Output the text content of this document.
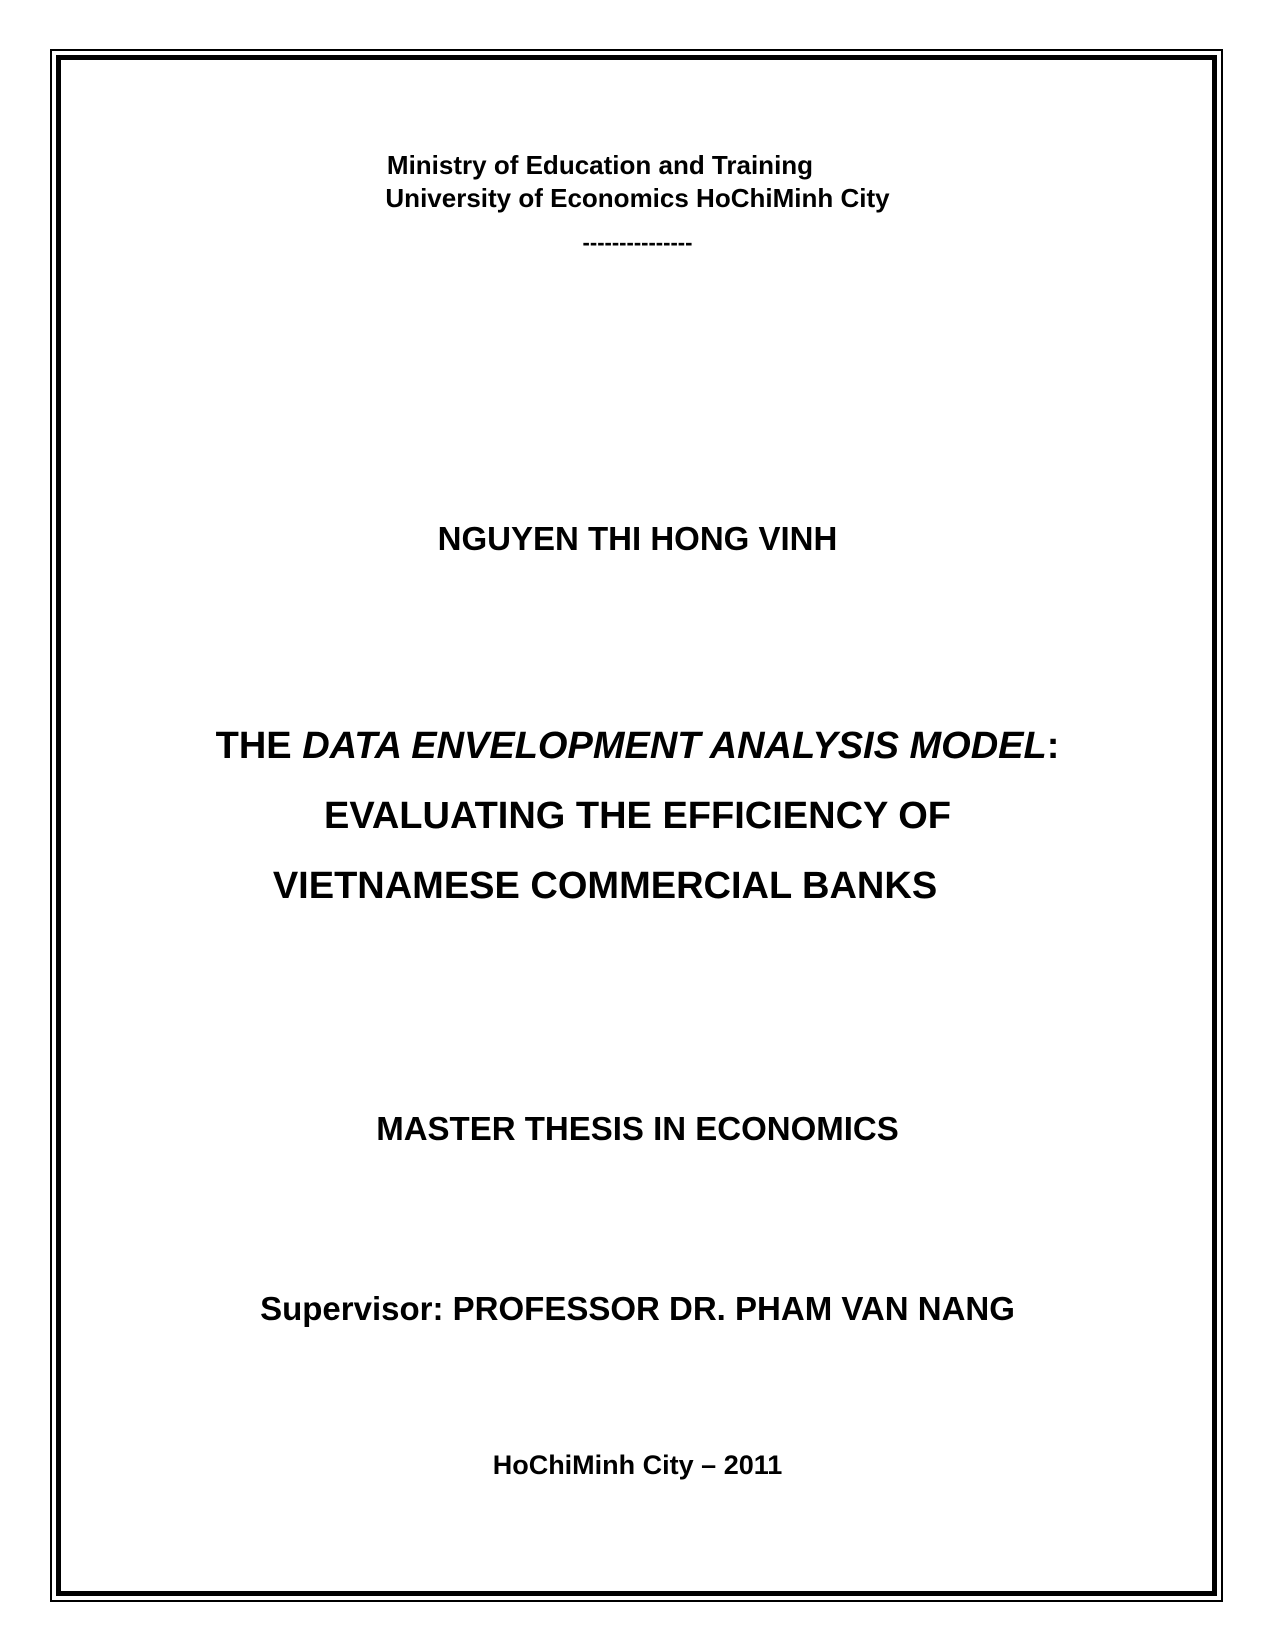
Ministry of Education and Training
University of Economics HoChiMinh City
---------------
NGUYEN THI HONG VINH
THE DATA ENVELOPMENT ANALYSIS MODEL:
EVALUATING THE EFFICIENCY OF
VIETNAMESE COMMERCIAL BANKS
MASTER THESIS IN ECONOMICS
Supervisor: PROFESSOR DR. PHAM VAN NANG
HoChiMinh City – 2011
